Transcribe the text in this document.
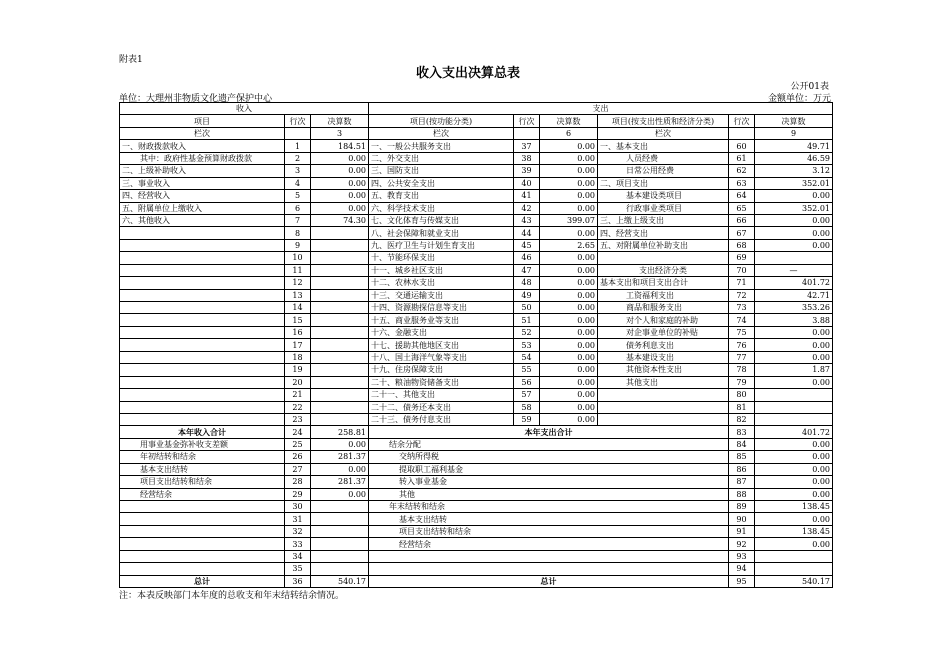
附表1
收入支出决算总表
公开01表
单位：大理州非物质文化遗产保护中心	金额单位：万元
收入			支出					
项目	行次	决算数	项目(按功能分类)	行次	决算数	项目(按支出性质和经济分类)	行次	决算数
栏次		3	栏次		6	栏次		9
一、财政拨款收入	1	184.51	一、一般公共服务支出	37	0.00	一、基本支出	60	49.71
其中：政府性基金预算财政拨款	2	0.00	二、外交支出	38	0.00	人员经费	61	46.59
二、上级补助收入	3	0.00	三、国防支出	39	0.00	日常公用经费	62	3.12
三、事业收入	4	0.00	四、公共安全支出	40	0.00	二、项目支出	63	352.01
四、经营收入	5	0.00	五、教育支出	41	0.00	基本建设类项目	64	0.00
五、附属单位上缴收入	6	0.00	六、科学技术支出	42	0.00	行政事业类项目	65	352.01
六、其他收入	7	74.30	七、文化体育与传媒支出	43	399.07	三、上缴上级支出	66	0.00
	8		八、社会保障和就业支出	44	0.00	四、经营支出	67	0.00
	9		九、医疗卫生与计划生育支出	45	2.65	五、对附属单位补助支出	68	0.00
	10		十、节能环保支出	46	0.00		69	
	11		十一、城乡社区支出	47	0.00	支出经济分类	70	—
	12		十二、农林水支出	48	0.00	基本支出和项目支出合计	71	401.72
	13		十三、交通运输支出	49	0.00	工资福利支出	72	42.71
	14		十四、资源勘探信息等支出	50	0.00	商品和服务支出	73	353.26
	15		十五、商业服务业等支出	51	0.00	对个人和家庭的补助	74	3.88
	16		十六、金融支出	52	0.00	对企事业单位的补贴	75	0.00
	17		十七、援助其他地区支出	53	0.00	债务利息支出	76	0.00
	18		十八、国土海洋气象等支出	54	0.00	基本建设支出	77	0.00
	19		十九、住房保障支出	55	0.00	其他资本性支出	78	1.87
	20		二十、粮油物资储备支出	56	0.00	其他支出	79	0.00
	21		二十一、其他支出	57	0.00		80	
	22		二十二、债务还本支出	58	0.00		81	
	23		二十三、债务付息支出	59	0.00		82	
本年收入合计	24	258.81	本年支出合计				83	401.72
用事业基金弥补收支差额	25	0.00	结余分配				84	0.00
年初结转和结余	26	281.37	交纳所得税				85	0.00
基本支出结转	27	0.00	提取职工福利基金				86	0.00
项目支出结转和结余	28	281.37	转入事业基金				87	0.00
经营结余	29	0.00	其他				88	0.00
	30		年末结转和结余				89	138.45
	31		基本支出结转				90	0.00
	32		项目支出结转和结余				91	138.45
	33		经营结余				92	0.00
	34						93	
	35						94	
总计	36	540.17	总计				95	540.17
注：本表反映部门本年度的总收支和年末结转结余情况。
